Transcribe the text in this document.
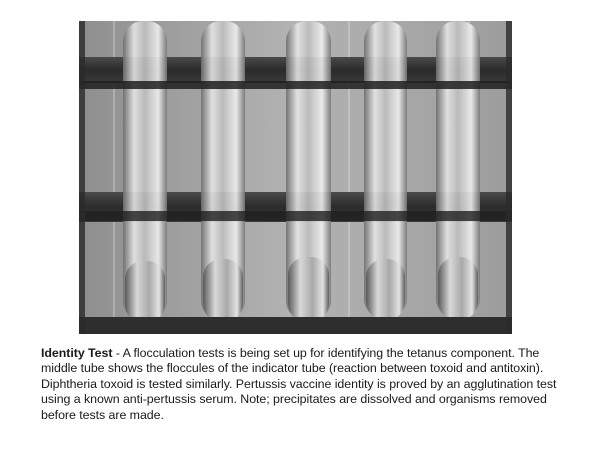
Identity Test - A flocculation tests is being set up for identifying the tetanus component. The middle tube shows the floccules of the indicator tube (reaction between toxoid and antitoxin). Diphtheria toxoid is tested similarly. Pertussis vaccine identity is proved by an agglutination test using a known anti-pertussis serum. Note; precipitates are dissolved and organisms removed before tests are made.
